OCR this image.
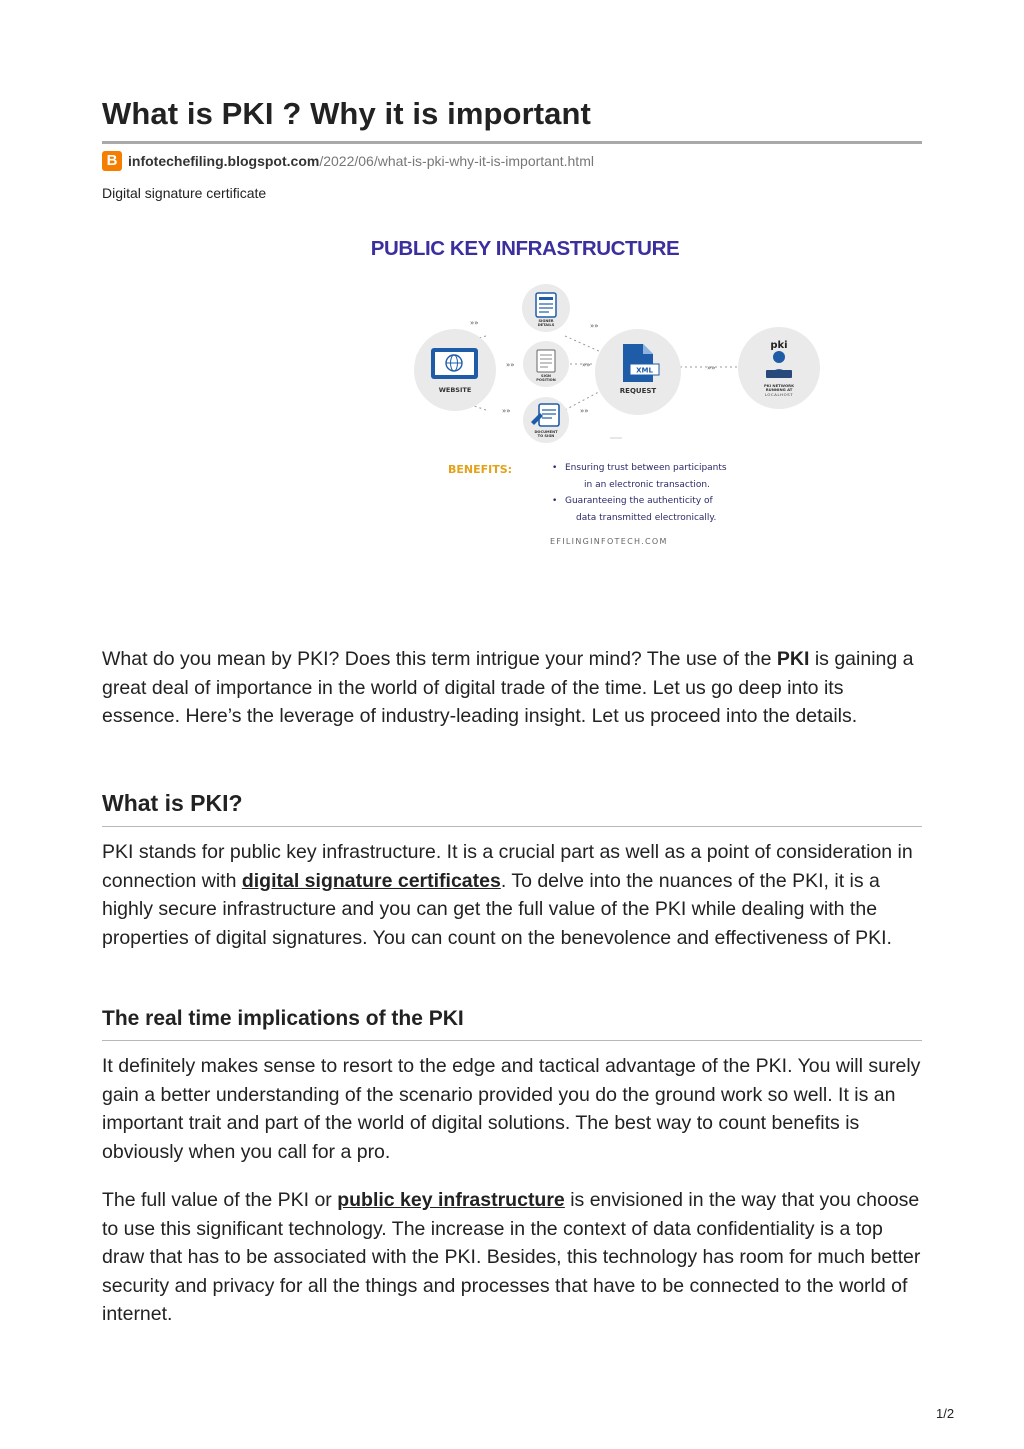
What is PKI ? Why it is important
B infotechefiling.blogspot.com /2022/06/what-is-pki-why-it-is-important.html
Digital signature certificate
PUBLIC KEY INFRASTRUCTURE
»»	»»
»»	»»
»»	»»
»»
SIGNER
DETAILS
SIGN
POSITION
DOCUMENT
TO SIGN
WEBSITE
XML
REQUEST
pki
PKI NETWORK
RUNNING AT
LOCALHOST
BENEFITS:	• Ensuring trust between participants
in an electronic transaction.
• Guaranteeing the authenticity of
data transmitted electronically.
EFILINGINFOTECH.COM

What do you mean by PKI? Does this term intrigue your mind? The use of the PKI is gaining a great deal of importance in the world of digital trade of the time. Let us go deep into its essence. Here’s the leverage of industry-leading insight. Let us proceed into the details.

What is PKI?

PKI stands for public key infrastructure. It is a crucial part as well as a point of consideration in connection with digital signature certificates. To delve into the nuances of the PKI, it is a highly secure infrastructure and you can get the full value of the PKI while dealing with the properties of digital signatures. You can count on the benevolence and effectiveness of PKI.

The real time implications of the PKI

It definitely makes sense to resort to the edge and tactical advantage of the PKI. You will surely gain a better understanding of the scenario provided you do the ground work so well. It is an important trait and part of the world of digital solutions. The best way to count benefits is obviously when you call for a pro.

The full value of the PKI or public key infrastructure is envisioned in the way that you choose to use this significant technology. The increase in the context of data confidentiality is a top draw that has to be associated with the PKI. Besides, this technology has room for much better security and privacy for all the things and processes that have to be connected to the world of internet.

1/2
